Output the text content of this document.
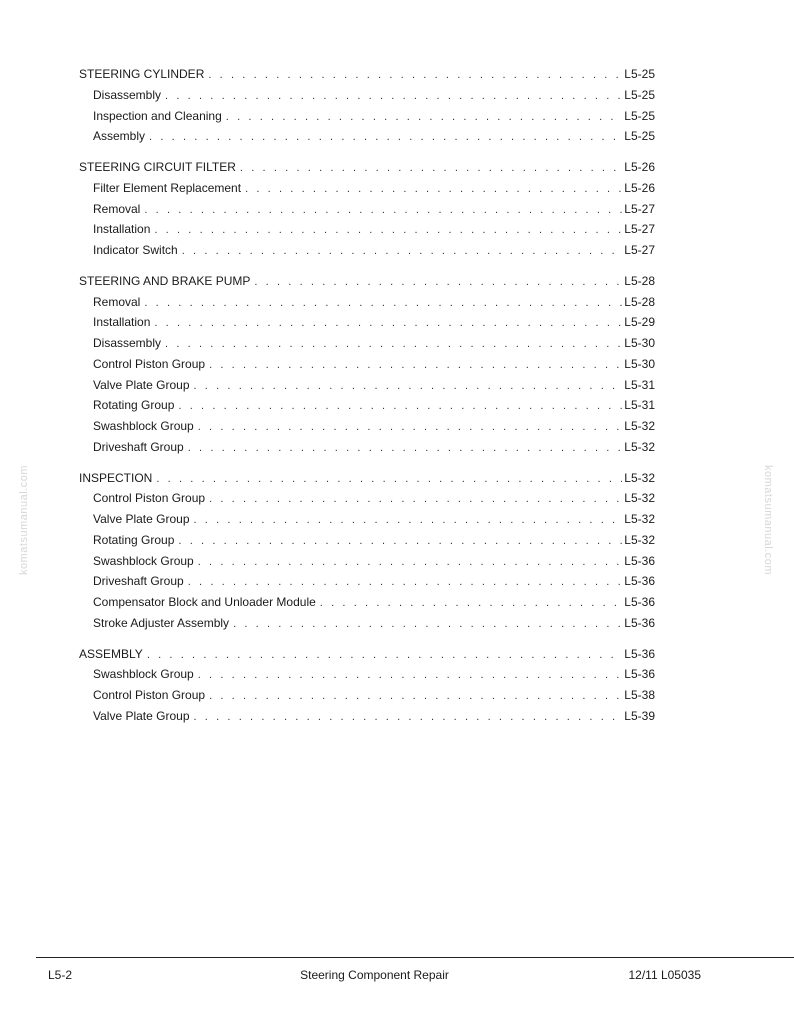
STEERING CYLINDER . . .	L5-25
Disassembly . . .	L5-25
Inspection and Cleaning . . .	L5-25
Assembly . . .	L5-25
STEERING CIRCUIT FILTER . . .	L5-26
Filter Element Replacement . . .	L5-26
Removal . . .	L5-27
Installation . . .	L5-27
Indicator Switch . . .	L5-27
STEERING AND BRAKE PUMP . . .	L5-28
Removal . . .	L5-28
Installation . . .	L5-29
Disassembly . . .	L5-30
Control Piston Group . . .	L5-30
Valve Plate Group . . .	L5-31
Rotating Group . . .	L5-31
Swashblock Group . . .	L5-32
Driveshaft Group . . .	L5-32
INSPECTION . . .	L5-32
Control Piston Group . . .	L5-32
Valve Plate Group . . .	L5-32
Rotating Group . . .	L5-32
Swashblock Group . . .	L5-36
Driveshaft Group . . .	L5-36
Compensator Block and Unloader Module . . .	L5-36
Stroke Adjuster Assembly . . .	L5-36
ASSEMBLY . . .	L5-36
Swashblock Group . . .	L5-36
Control Piston Group . . .	L5-38
Valve Plate Group . . .	L5-39
komatsumanual.com	komatsumanual.com
L5-2	Steering Component Repair	12/11 L05035
